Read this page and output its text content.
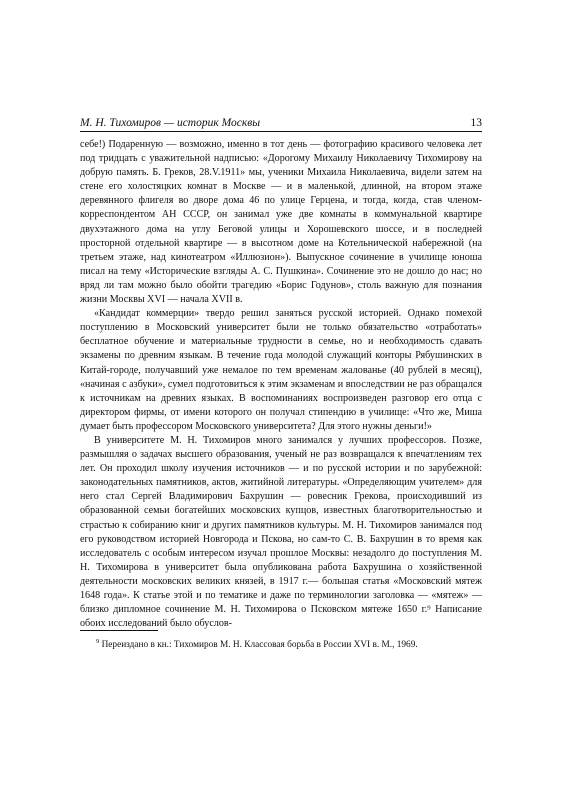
М. Н. Тихомиров — историк Москвы	13

себе!) Подаренную — возможно, именно в тот день — фотографию красивого человека лет под тридцать с уважительной надписью: «Дорогому Михаилу Николаевичу Тихомирову на добрую память. Б. Греков, 28.V.1911» мы, ученики Михаила Николаевича, видели затем на стене его холостяцких комнат в Москве — и в маленькой, длинной, на втором этаже деревянного флигеля во дворе дома 46 по улице Герцена, и тогда, когда, став членом-корреспондентом АН СССР, он занимал уже две комнаты в коммунальной квартире двухэтажного дома на углу Беговой улицы и Хорошевского шоссе, и в последней просторной отдельной квартире — в высотном доме на Котельнической набережной (на третьем этаже, над кинотеатром «Иллюзион»). Выпускное сочинение в училище юноша писал на тему «Исторические взгляды А. С. Пушкина». Сочинение это не дошло до нас; но вряд ли там можно было обойти трагедию «Борис Годунов», столь важную для познания жизни Москвы XVI — начала XVII в.

«Кандидат коммерции» твердо решил заняться русской историей. Однако помехой поступлению в Московский университет были не только обязательство «отработать» бесплатное обучение и материальные трудности в семье, но и необходимость сдавать экзамены по древним языкам. В течение года молодой служащий конторы Рябушинских в Китай-городе, получавший уже немалое по тем временам жалованье (40 рублей в месяц), «начиная с азбуки», сумел подготовиться к этим экзаменам и впоследствии не раз обращался к источникам на древних языках. В воспоминаниях воспроизведен разговор его отца с директором фирмы, от имени которого он получал стипендию в училище: «Что же, Миша думает быть профессором Московского университета? Для этого нужны деньги!»

В университете М. Н. Тихомиров много занимался у лучших профессоров. Позже, размышляя о задачах высшего образования, ученый не раз возвращался к впечатлениям тех лет. Он проходил школу изучения источников — и по русской истории и по зарубежной: законодательных памятников, актов, житийной литературы. «Определяющим учителем» для него стал Сергей Владимирович Бахрушин — ровесник Грекова, происходивший из образованной семьи богатейших московских купцов, известных благотворительностью и страстью к собиранию книг и других памятников культуры. М. Н. Тихомиров занимался под его руководством историей Новгорода и Пскова, но сам-то С. В. Бахрушин в то время как исследователь с особым интересом изучал прошлое Москвы: незадолго до поступления М. Н. Тихомирова в университет была опубликована работа Бахрушина о хозяйственной деятельности московских великих князей, в 1917 г.— большая статья «Московский мятеж 1648 года». К статье этой и по тематике и даже по терминологии заголовка — «мятеж» — близко дипломное сочинение М. Н. Тихомирова о Псковском мятеже 1650 г.⁹ Написание обоих исследований было обуслов-

$^9$ Переиздано в кн.: Тихомиров М. Н. Классовая борьба в России XVI в. М., 1969.
